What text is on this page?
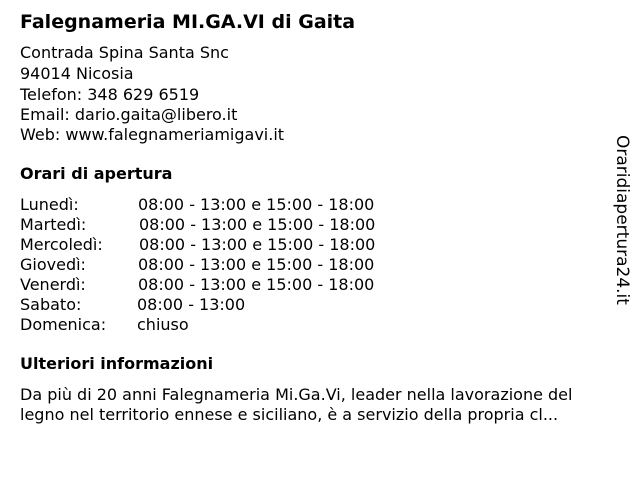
Falegnameria MI.GA.VI di Gaita
Contrada Spina Santa Snc
94014 Nicosia
Telefon: 348 629 6519
Email: dario.gaita@libero.it
Web: www.falegnameriamigavi.it
Orari di apertura
Lunedì:	08:00 - 13:00 e 15:00 - 18:00
Martedì:	08:00 - 13:00 e 15:00 - 18:00
Mercoledì: 08:00 - 13:00 e 15:00 - 18:00
Giovedì:	08:00 - 13:00 e 15:00 - 18:00
Venerdì:	08:00 - 13:00 e 15:00 - 18:00
Sabato:	08:00 - 13:00
Domenica: chiuso
Ulteriori informazioni
Da più di 20 anni Falegnameria Mi.Ga.Vi, leader nella lavorazione del
legno nel territorio ennese e siciliano, è a servizio della propria cl...
Oraridiapertura24.it
